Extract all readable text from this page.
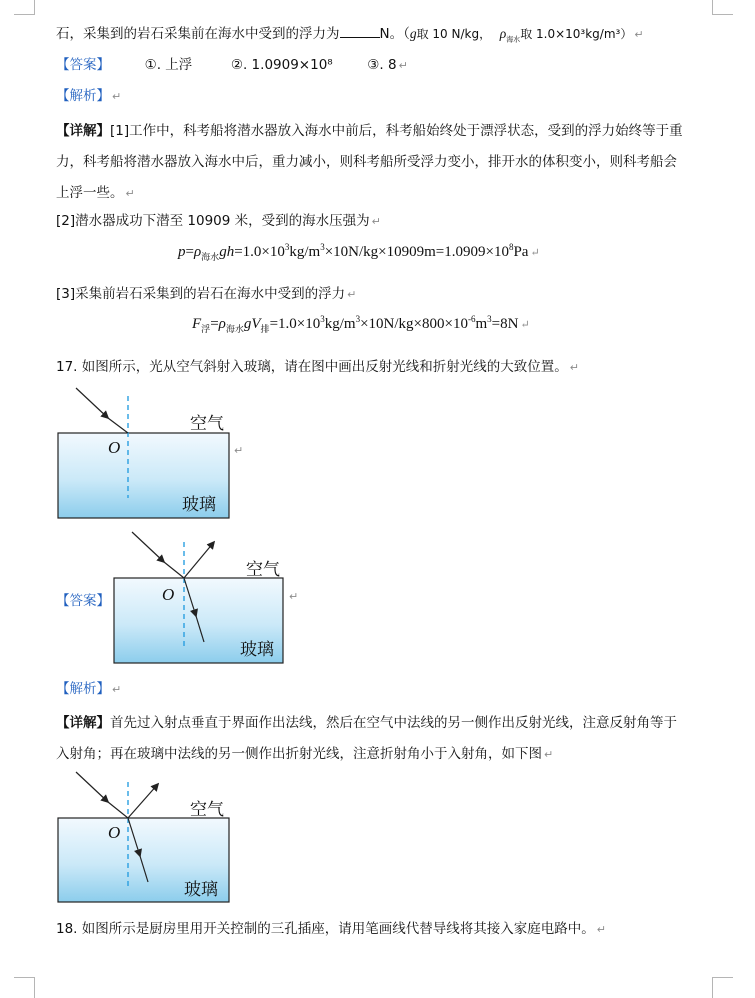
石，采集到的岩石采集前在海水中受到的浮力为	N。（g取 10 N/kg， $\rho_{海水}$取 1.0×10³kg/m³） ↵
【答案】	①. 上浮	②. 1.0909×10⁸	③. 8 ↵
【解析】 ↵
【详解】[1]工作中，科考船将潜水器放入海水中前后，科考船始终处于漂浮状态，受到的浮力始终等于重
力，科考船将潜水器放入海水中后，重力减小，则科考船所受浮力变小，排开水的体积变小，则科考船会
上浮一些。 ↵
[2]潜水器成功下潜至 10909 米，受到的海水压强为 ↵
$p=\rho_{海水}gh=1.0\times 10^3kg/m^3\times 10N/kg\times 10909m=1.0909\times 10^8Pa$ ↵
[3]采集前岩石采集到的岩石在海水中受到的浮力 ↵
$F_浮=\rho_{海水}gV_排=1.0\times 10^3kg/m^3\times 10N/kg\times 800\times 10^{-6}m^3=8N$ ↵
17. 如图所示，光从空气斜射入玻璃，请在图中画出反射光线和折射光线的大致位置。 ↵
O
空气
玻璃
↵
【答案】	O
空气
玻璃
↵
【解析】 ↵
【详解】首先过入射点垂直于界面作出法线，然后在空气中法线的另一侧作出反射光线，注意反射角等于
入射角；再在玻璃中法线的另一侧作出折射光线，注意折射角小于入射角，如下图 ↵
O
空气
玻璃
18. 如图所示是厨房里用开关控制的三孔插座，请用笔画线代替导线将其接入家庭电路中。 ↵
